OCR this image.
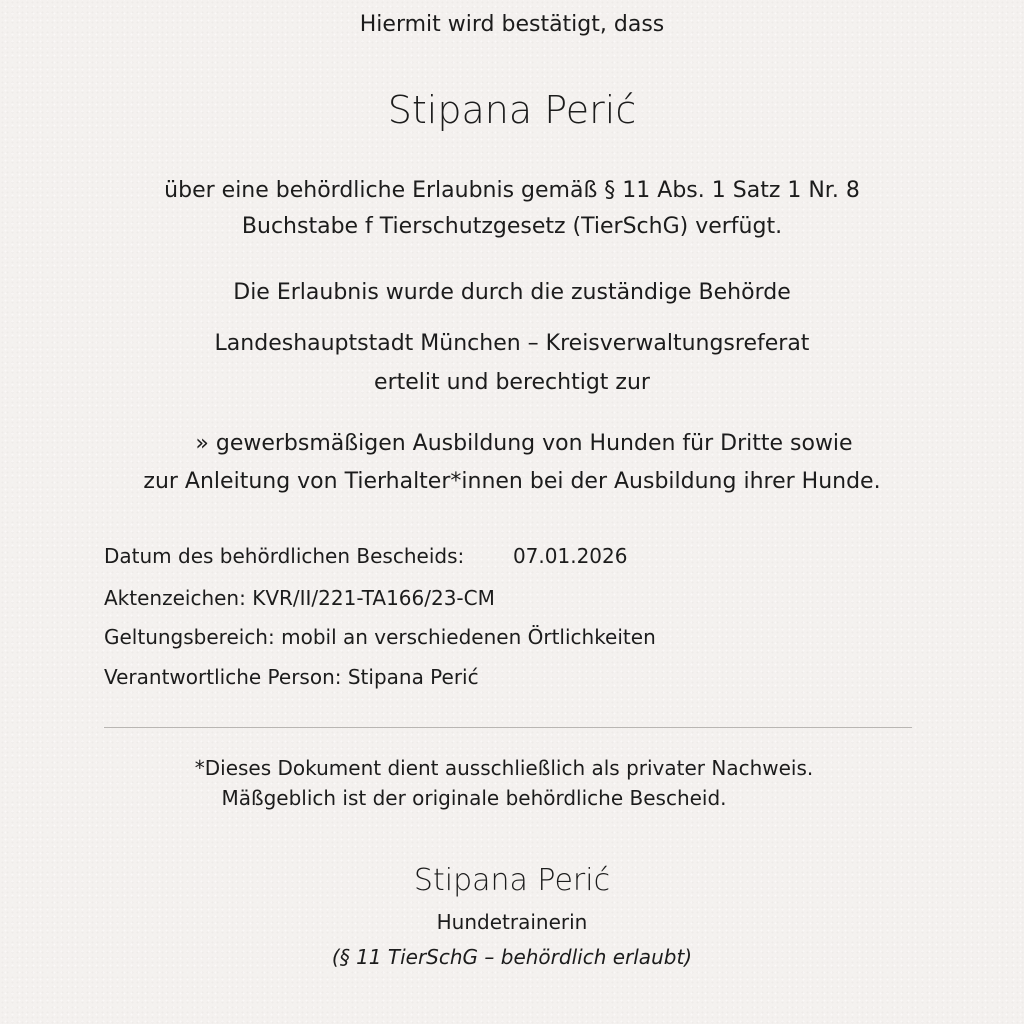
Hiermit wird bestätigt, dass
Stipana Perić
über eine behördliche Erlaubnis gemäß § 11 Abs. 1 Satz 1 Nr. 8
Buchstabe f Tierschutzgesetz (TierSchG) verfügt.
Die Erlaubnis wurde durch die zuständige Behörde
Landeshauptstadt München – Kreisverwaltungsreferat
ertelit und berechtigt zur
» gewerbsmäßigen Ausbildung von Hunden für Dritte sowie
zur Anleitung von Tierhalter*innen bei der Ausbildung ihrer Hunde.
Datum des behördlichen Bescheids: 07.01.2026
Aktenzeichen: KVR/II/221-TA166/23-CM
Geltungsbereich: mobil an verschiedenen Örtlichkeiten
Verantwortliche Person: Stipana Perić
*Dieses Dokument dient ausschließlich als privater Nachweis.
Mäßgeblich ist der originale behördliche Bescheid.
Stipana Perić
Hundetrainerin
(§ 11 TierSchG – behördlich erlaubt)
